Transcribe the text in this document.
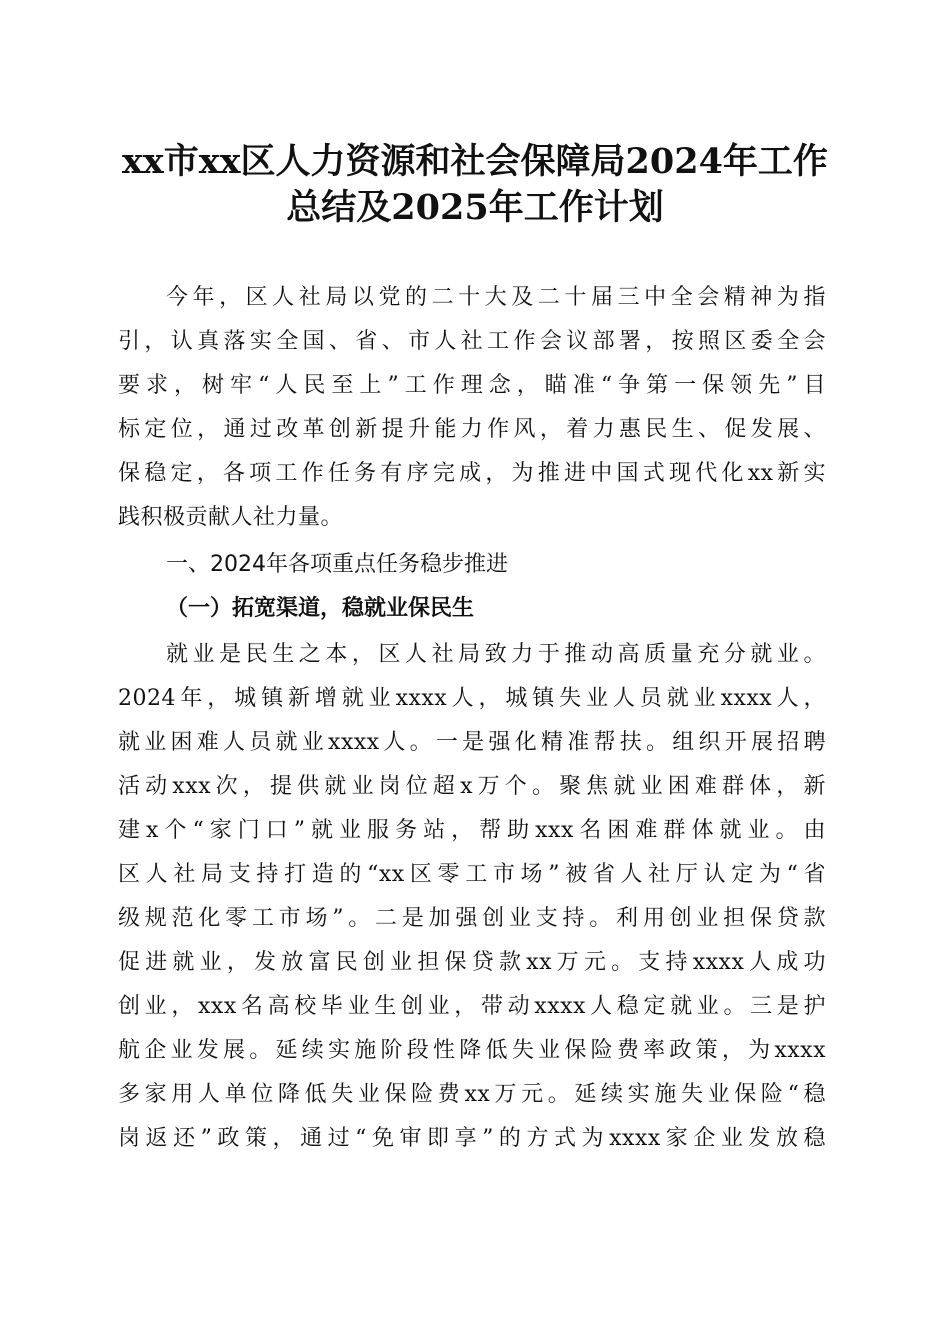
xx市xx区人力资源和社会保障局2024年工作
总结及2025年工作计划
今年，区人社局以党的二十大及二十届三中全会精神为指
引，认真落实全国、省、市人社工作会议部署，按照区委全会
要求，树牢“人民至上”工作理念，瞄准“争第一保领先”目
标定位，通过改革创新提升能力作风，着力惠民生、促发展、
保稳定，各项工作任务有序完成，为推进中国式现代化xx新实
践积极贡献人社力量。
一、2024年各项重点任务稳步推进
（一）拓宽渠道，稳就业保民生
就业是民生之本，区人社局致力于推动高质量充分就业。
2024年，城镇新增就业xxxx人，城镇失业人员就业xxxx人，
就业困难人员就业xxxx人。一是强化精准帮扶。组织开展招聘
活动xxx次，提供就业岗位超x万个。聚焦就业困难群体，新
建x个“家门口”就业服务站，帮助xxx名困难群体就业。由
区人社局支持打造的“xx区零工市场”被省人社厅认定为“省
级规范化零工市场”。二是加强创业支持。利用创业担保贷款
促进就业，发放富民创业担保贷款xx万元。支持xxxx人成功
创业，xxx名高校毕业生创业，带动xxxx人稳定就业。三是护
航企业发展。延续实施阶段性降低失业保险费率政策，为xxxx
多家用人单位降低失业保险费xx万元。延续实施失业保险“稳
岗返还”政策，通过“免审即享”的方式为xxxx家企业发放稳
